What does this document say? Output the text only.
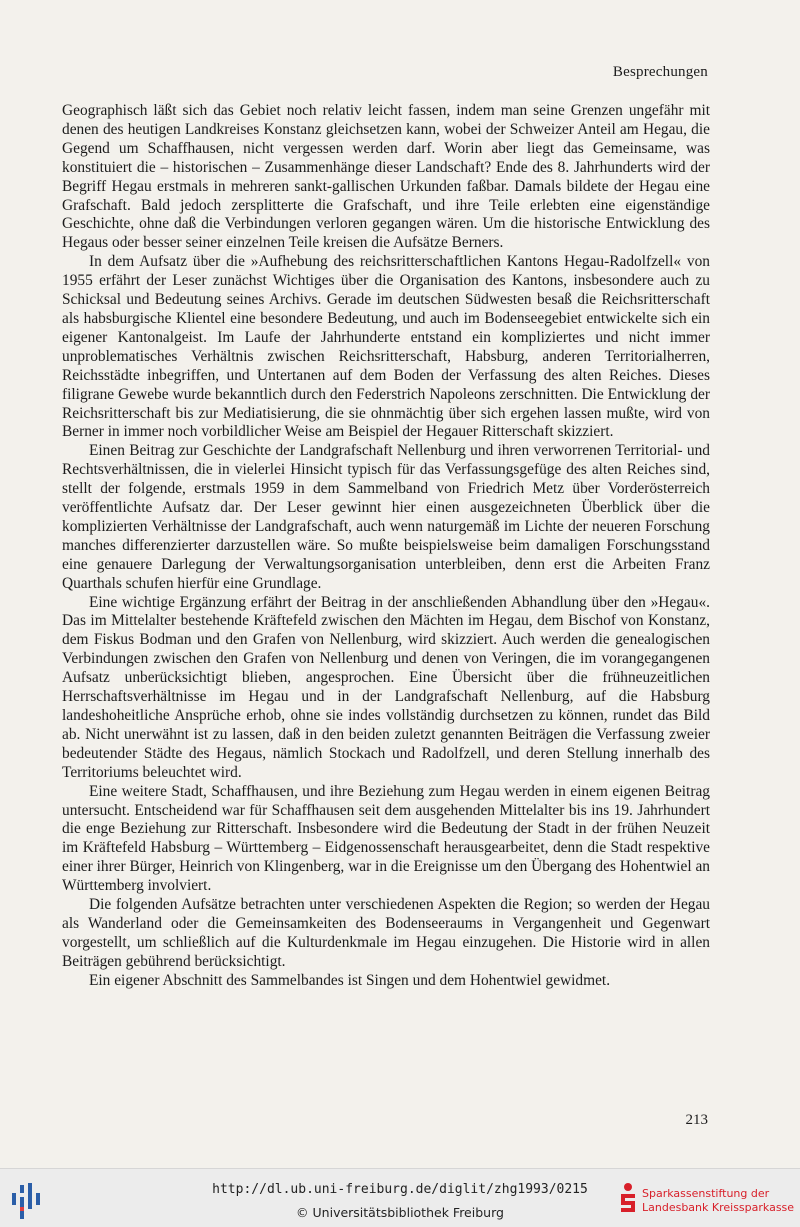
Besprechungen

Geographisch läßt sich das Gebiet noch relativ leicht fassen, indem man seine Grenzen ungefähr mit denen des heutigen Landkreises Konstanz gleichsetzen kann, wobei der Schweizer Anteil am Hegau, die Gegend um Schaffhausen, nicht vergessen werden darf. Worin aber liegt das Gemeinsame, was konstituiert die – historischen – Zusammenhänge dieser Landschaft? Ende des 8. Jahrhunderts wird der Begriff Hegau erstmals in mehreren sankt-gallischen Urkunden faßbar. Damals bildete der Hegau eine Grafschaft. Bald jedoch zersplitterte die Grafschaft, und ihre Teile erlebten eine eigenständige Geschichte, ohne daß die Verbindungen verloren gegangen wären. Um die historische Entwicklung des Hegaus oder besser seiner einzelnen Teile kreisen die Aufsätze Berners.

In dem Aufsatz über die »Aufhebung des reichsritterschaftlichen Kantons Hegau-Radolfzell« von 1955 erfährt der Leser zunächst Wichtiges über die Organisation des Kantons, insbesondere auch zu Schicksal und Bedeutung seines Archivs. Gerade im deutschen Südwesten besaß die Reichsritterschaft als habsburgische Klientel eine besondere Bedeutung, und auch im Bodenseegebiet entwickelte sich ein eigener Kantonalgeist. Im Laufe der Jahrhunderte entstand ein kompliziertes und nicht immer unproblematisches Verhältnis zwischen Reichsritterschaft, Habsburg, anderen Territorialherren, Reichsstädte inbegriffen, und Untertanen auf dem Boden der Verfassung des alten Reiches. Dieses filigrane Gewebe wurde bekanntlich durch den Federstrich Napoleons zerschnitten. Die Entwicklung der Reichsritterschaft bis zur Mediatisierung, die sie ohnmächtig über sich ergehen lassen mußte, wird von Berner in immer noch vorbildlicher Weise am Beispiel der Hegauer Ritterschaft skizziert.

Einen Beitrag zur Geschichte der Landgrafschaft Nellenburg und ihren verworrenen Territorial- und Rechtsverhältnissen, die in vielerlei Hinsicht typisch für das Verfassungsgefüge des alten Reiches sind, stellt der folgende, erstmals 1959 in dem Sammelband von Friedrich Metz über Vorderösterreich veröffentlichte Aufsatz dar. Der Leser gewinnt hier einen ausgezeichneten Überblick über die komplizierten Verhältnisse der Landgrafschaft, auch wenn naturgemäß im Lichte der neueren Forschung manches differenzierter darzustellen wäre. So mußte beispielsweise beim damaligen Forschungsstand eine genauere Darlegung der Verwaltungsorganisation unterbleiben, denn erst die Arbeiten Franz Quarthals schufen hierfür eine Grundlage.

Eine wichtige Ergänzung erfährt der Beitrag in der anschließenden Abhandlung über den »Hegau«. Das im Mittelalter bestehende Kräftefeld zwischen den Mächten im Hegau, dem Bischof von Konstanz, dem Fiskus Bodman und den Grafen von Nellenburg, wird skizziert. Auch werden die genealogischen Verbindungen zwischen den Grafen von Nellenburg und denen von Veringen, die im vorangegangenen Aufsatz unberücksichtigt blieben, angesprochen. Eine Übersicht über die frühneuzeitlichen Herrschaftsverhältnisse im Hegau und in der Landgrafschaft Nellenburg, auf die Habsburg landeshoheitliche Ansprüche erhob, ohne sie indes vollständig durchsetzen zu können, rundet das Bild ab. Nicht unerwähnt ist zu lassen, daß in den beiden zuletzt genannten Beiträgen die Verfassung zweier bedeutender Städte des Hegaus, nämlich Stockach und Radolfzell, und deren Stellung innerhalb des Territoriums beleuchtet wird.

Eine weitere Stadt, Schaffhausen, und ihre Beziehung zum Hegau werden in einem eigenen Beitrag untersucht. Entscheidend war für Schaffhausen seit dem ausgehenden Mittelalter bis ins 19. Jahrhundert die enge Beziehung zur Ritterschaft. Insbesondere wird die Bedeutung der Stadt in der frühen Neuzeit im Kräftefeld Habsburg – Württemberg – Eidgenossenschaft herausgearbeitet, denn die Stadt respektive einer ihrer Bürger, Heinrich von Klingenberg, war in die Ereignisse um den Übergang des Hohentwiel an Württemberg involviert.

Die folgenden Aufsätze betrachten unter verschiedenen Aspekten die Region; so werden der Hegau als Wanderland oder die Gemeinsamkeiten des Bodenseeraums in Vergangenheit und Gegenwart vorgestellt, um schließlich auf die Kulturdenkmale im Hegau einzugehen. Die Historie wird in allen Beiträgen gebührend berücksichtigt.

Ein eigener Abschnitt des Sammelbandes ist Singen und dem Hohentwiel gewidmet.

213
http://dl.ub.uni-freiburg.de/diglit/zhg1993/0215
© Universitätsbibliothek Freiburg
Sparkassenstiftung der
Landesbank Kreissparkasse
